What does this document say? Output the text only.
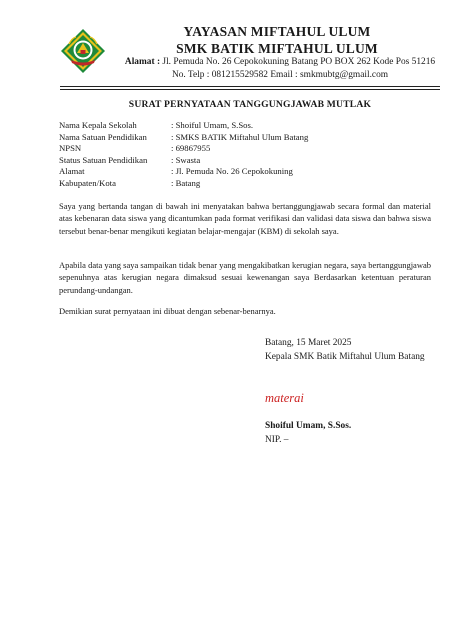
YAYASAN MIFTAHUL ULUM
SMK BATIK MIFTAHUL ULUM
Alamat : Jl. Pemuda No. 26 Cepokokuning Batang PO BOX 262 Kode Pos 51216
No. Telp : 081215529582 Email : smkmubtg@gmail.com
SURAT PERNYATAAN TANGGUNGJAWAB MUTLAK
Nama Kepala Sekolah	: Shoiful Umam, S.Sos.
Nama Satuan Pendidikan	: SMKS BATIK Miftahul Ulum Batang
NPSN	: 69867955
Status Satuan Pendidikan	: Swasta
Alamat	: Jl. Pemuda No. 26 Cepokokuning
Kabupaten/Kota	: Batang

Saya yang bertanda tangan di bawah ini menyatakan bahwa bertanggungjawab secara formal dan material atas kebenaran data siswa yang dicantumkan pada format verifikasi dan validasi data siswa dan bahwa siswa tersebut benar-benar mengikuti kegiatan belajar-mengajar (KBM) di sekolah saya.

Apabila data yang saya sampaikan tidak benar yang mengakibatkan kerugian negara, saya bertanggungjawab sepenuhnya atas kerugian negara dimaksud sesuai kewenangan saya Berdasarkan ketentuan peraturan perundang-undangan.

Demikian surat pernyataan ini dibuat dengan sebenar-benarnya.

Batang, 15 Maret 2025
Kepala SMK Batik Miftahul Ulum Batang
materai
Shoiful Umam, S.Sos.
NIP. –
